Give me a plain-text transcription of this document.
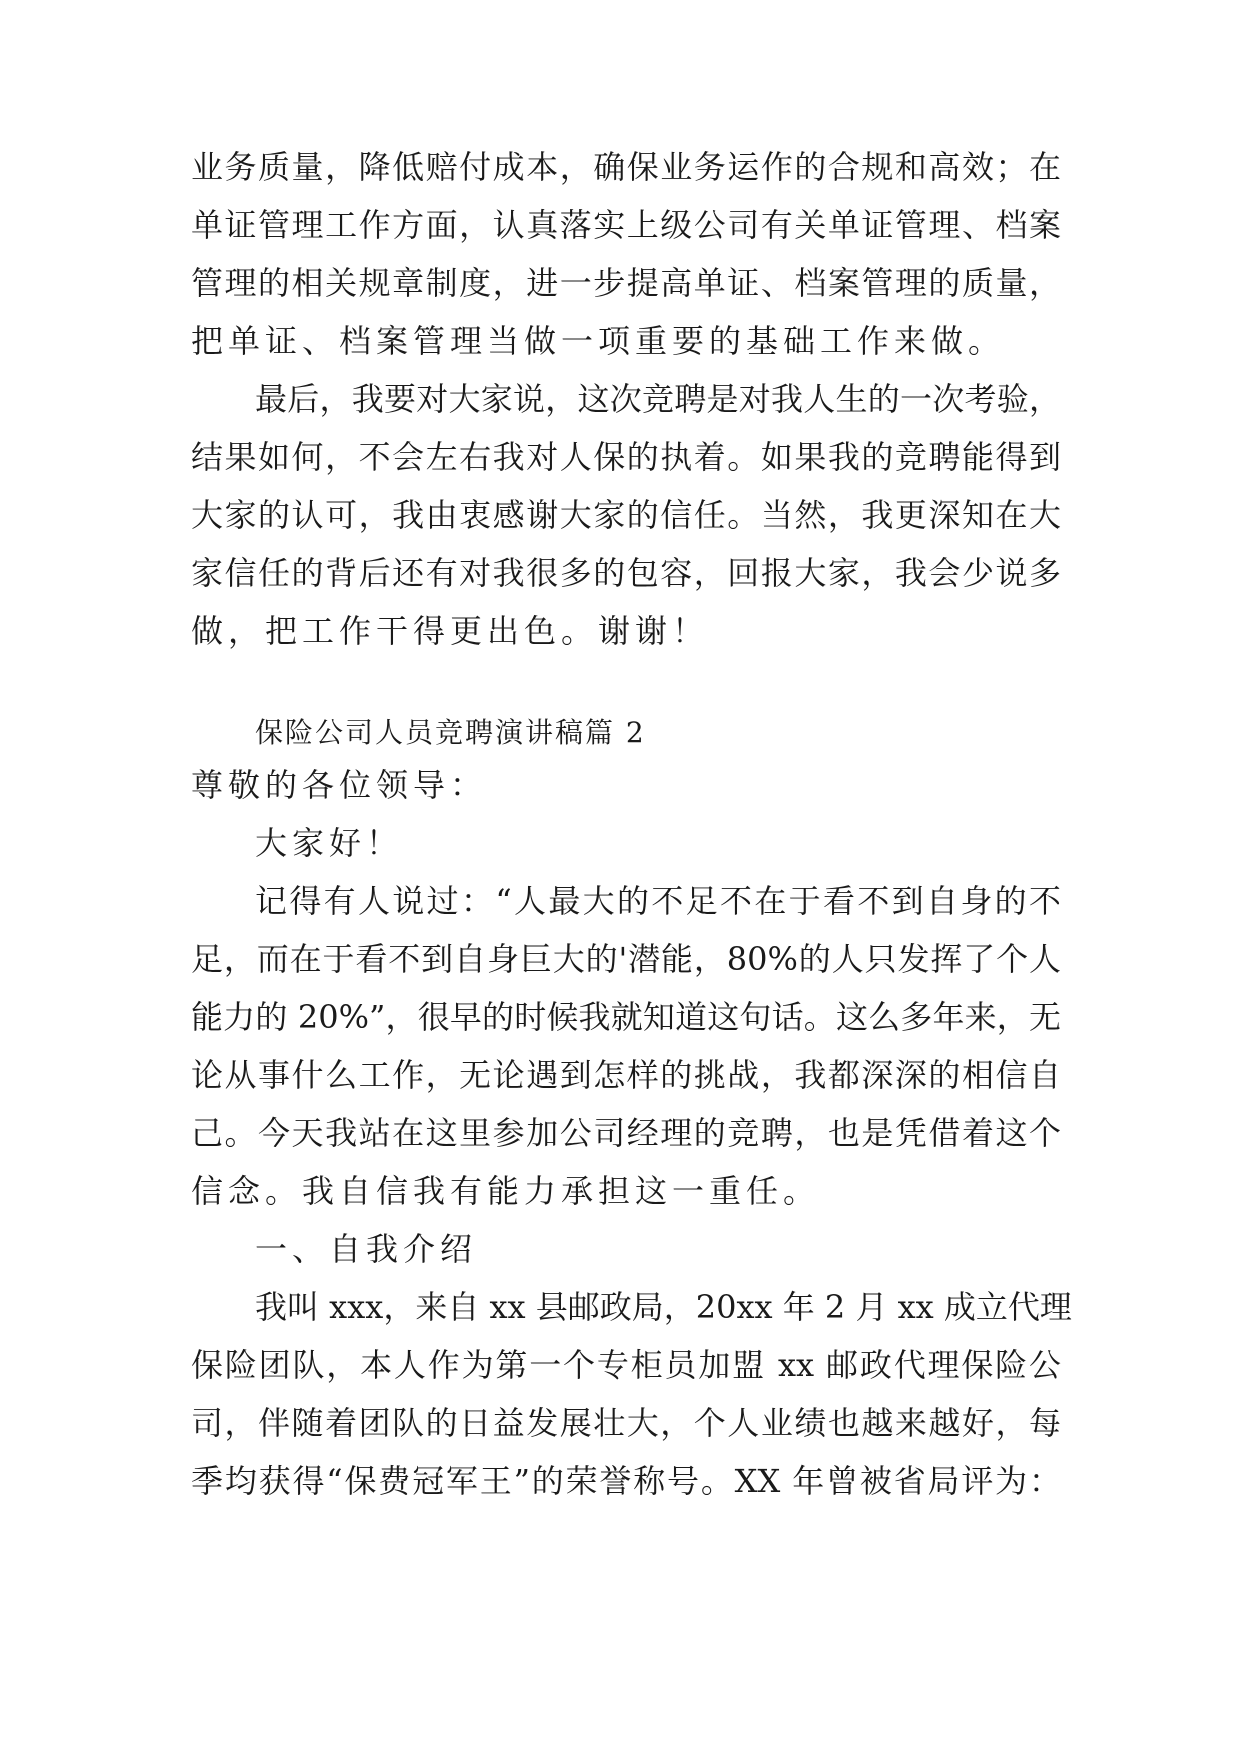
业务质量，降低赔付成本，确保业务运作的合规和高效；在
单证管理工作方面，认真落实上级公司有关单证管理、档案
管理的相关规章制度，进一步提高单证、档案管理的质量，
把单证、档案管理当做一项重要的基础工作来做。
最后，我要对大家说，这次竞聘是对我人生的一次考验，
结果如何，不会左右我对人保的执着。如果我的竞聘能得到
大家的认可，我由衷感谢大家的信任。当然，我更深知在大
家信任的背后还有对我很多的包容，回报大家，我会少说多
做，把工作干得更出色。谢谢！
保险公司人员竞聘演讲稿篇 2
尊敬的各位领导：
大家好！
记得有人说过：“人最大的不足不在于看不到自身的不
足，而在于看不到自身巨大的'潜能，80%的人只发挥了个人
能力的 20%”，很早的时候我就知道这句话。这么多年来，无
论从事什么工作，无论遇到怎样的挑战，我都深深的相信自
己。今天我站在这里参加公司经理的竞聘，也是凭借着这个
信念。我自信我有能力承担这一重任。
一、自我介绍
我叫 xxx，来自 xx 县邮政局，20xx 年 2 月 xx 成立代理
保险团队，本人作为第一个专柜员加盟 xx 邮政代理保险公
司，伴随着团队的日益发展壮大，个人业绩也越来越好，每
季均获得“保费冠军王”的荣誉称号。XX 年曾被省局评为：
